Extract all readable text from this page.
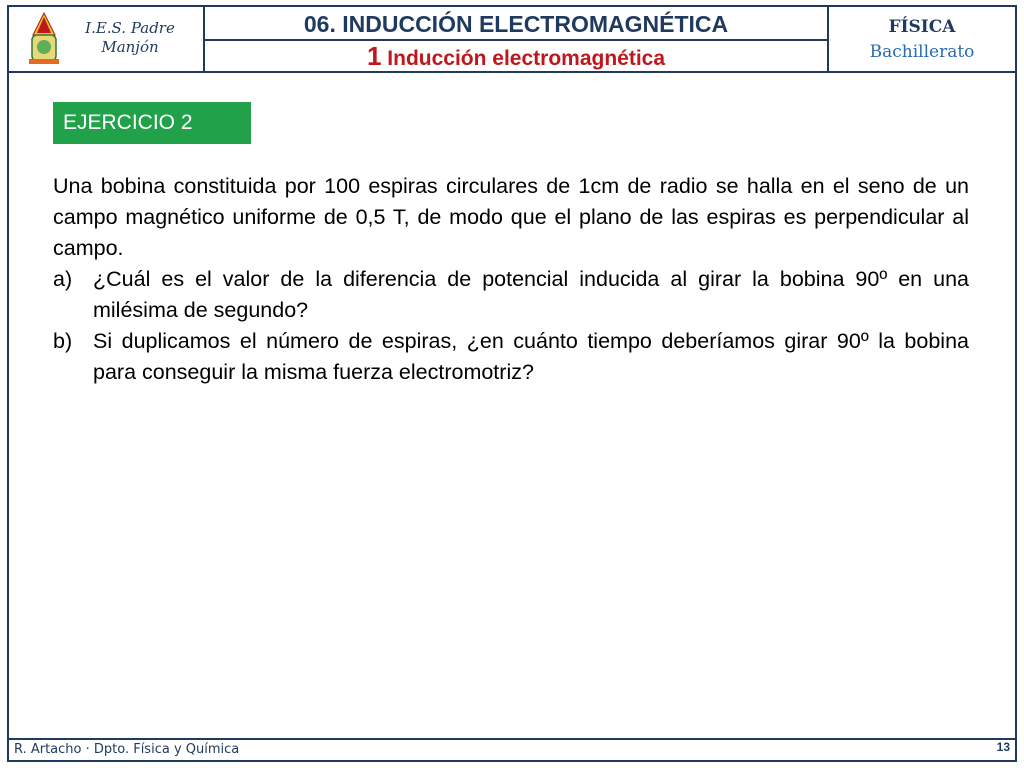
I.E.S. Padre Manjón
06. INDUCCIÓN ELECTROMAGNÉTICA
1 Inducción electromagnética
FÍSICA
Bachillerato
EJERCICIO 2

Una bobina constituida por 100 espiras circulares de 1cm de radio se halla en el seno de un campo magnético uniforme de 0,5 T, de modo que el plano de las espiras es perpendicular al campo.

a) ¿Cuál es el valor de la diferencia de potencial inducida al girar la bobina 90º en una milésima de segundo?
b) Si duplicamos el número de espiras, ¿en cuánto tiempo deberíamos girar 90º la bobina para conseguir la misma fuerza electromotriz?
R. Artacho · Dpto. Física y Química	13
